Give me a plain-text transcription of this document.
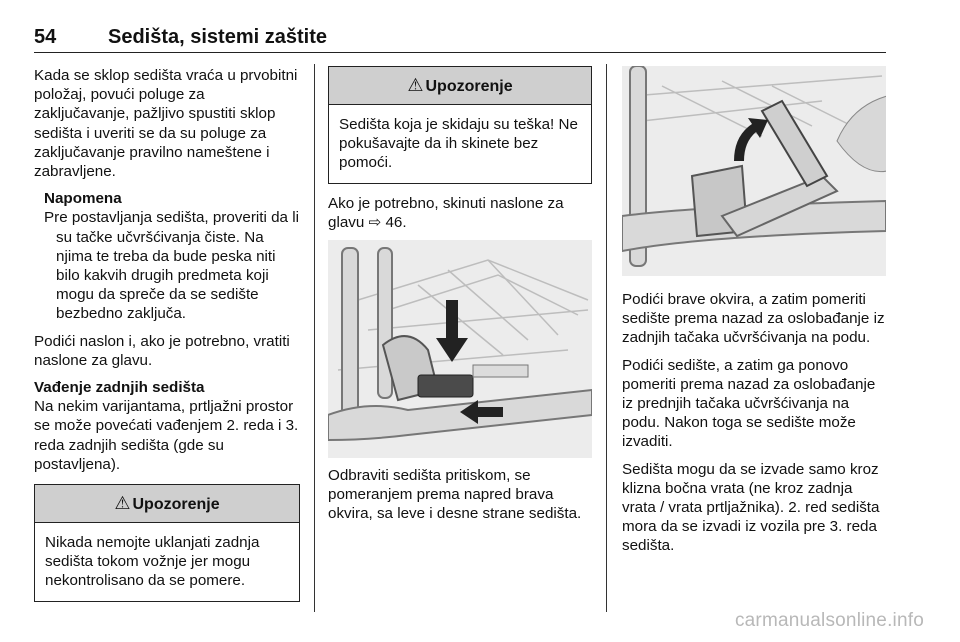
54	Sedišta, sistemi zaštite

Kada se sklop sedišta vraća u prvobitni položaj, povući poluge za zaključavanje, pažljivo spustiti sklop sedišta i uveriti se da su poluge za zaključavanje pravilno nameštene i zabravljene.

Napomena

Pre postavljanja sedišta, proveriti da li su tačke učvršćivanja čiste. Na njima te treba da bude peska niti bilo kakvih drugih predmeta koji mogu da spreče da se sedište bezbedno zaključa.

Podići naslon i, ako je potrebno, vratiti naslone za glavu.

Vađenje zadnjih sedišta

Na nekim varijantama, prtljažni prostor se može povećati vađenjem 2. reda i 3. reda zadnjih sedišta (gde su postavljena).

⚠ Upozorenje
Nikada nemojte uklanjati zadnja sedišta tokom vožnje jer mogu nekontrolisano da se pomere.
⚠ Upozorenje
Sedišta koja je skidaju su teška! Ne pokušavajte da ih skinete bez pomoći.

Ako je potrebno, skinuti naslone za glavu ⇨ 46.

Odbraviti sedišta pritiskom, se pomeranjem prema napred brava okvira, sa leve i desne strane sedišta.

Podići brave okvira, a zatim pomeriti sedište prema nazad za oslobađanje iz zadnjih tačaka učvršćivanja na podu.

Podići sedište, a zatim ga ponovo pomeriti prema nazad za oslobađanje iz prednjih tačaka učvršćivanja na podu. Nakon toga se sedište može izvaditi.

Sedišta mogu da se izvade samo kroz klizna bočna vrata (ne kroz zadnja vrata / vrata prtljažnika). 2. red sedišta mora da se izvadi iz vozila pre 3. reda sedišta.

carmanualsonline.info
